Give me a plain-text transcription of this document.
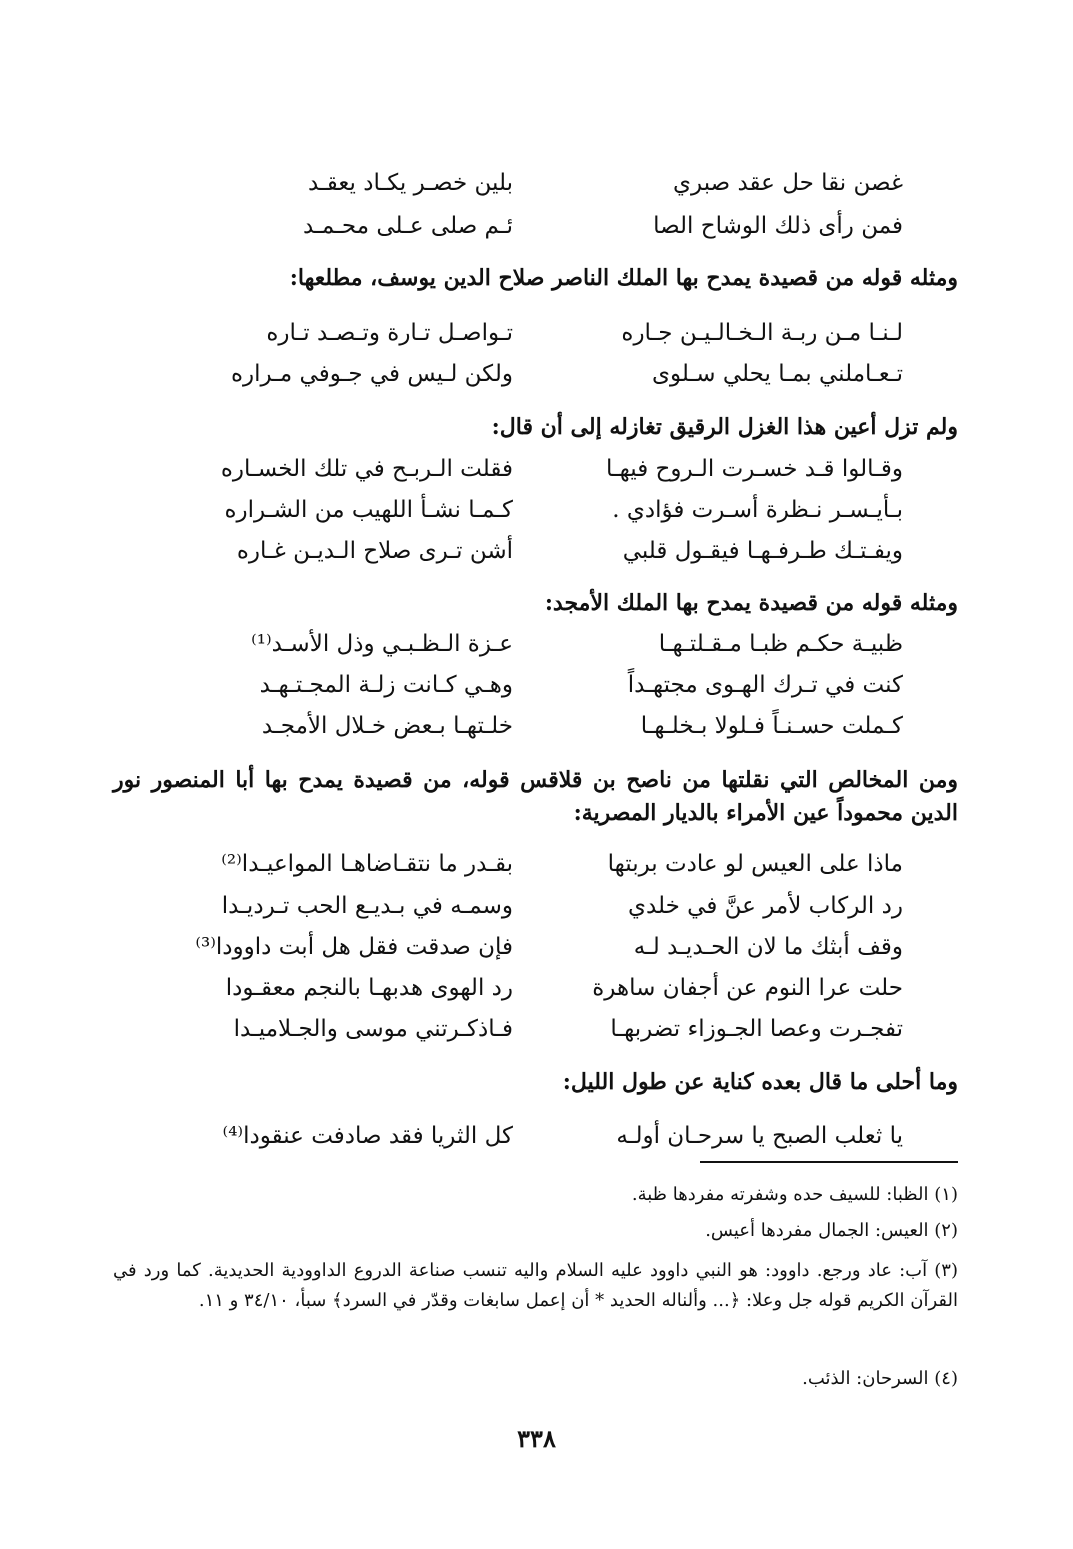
غصن نقا حل عقد صبري
بلين خصـر يكـاد يعقـد
فمن رأى ذلك الوشاح الصا
ئـم صلى عـلى محـمـد
ومثله قوله من قصيدة يمدح بها الملك الناصر صلاح الدين يوسف، مطلعها:
لـنـا مـن ربـة الـخـالـيـن جـاره
تـواصـل تـارة وتـصـد تـاره
تـعـاملني بمـا يحلي سـلوى
ولكن لـيس في جـوفي مـراره
ولم تزل أعين هذا الغزل الرقيق تغازله إلى أن قال:
وقـالوا قـد خسـرت الـروح فيهـا
فقلت الـربـح في تلك الخسـاره
بـأيـسـر نـظرة أسـرت فؤادي .
كـمـا نشـأ اللهيب من الشـراره
ويفـتـك طـرفـهـا فيقـول قلبي
أشن تـرى صلاح الـديـن غـاره
ومثله قوله من قصيدة يمدح بها الملك الأمجد:
ظبيـة حكـم ظبـا مـقـلتـهـا
عـزة الـظـبـي وذل الأسـد⁽¹⁾
كنت في تـرك الهـوى مجتهـداً
وهـي كـانت زلـة المجـتـهـد
كـملت حسـنـاً فـلولا بـخلـهـا
خلـتهـا بـعض خـلال الأمجـد
ومن المخالص التي نقلتها من ناصح بن قلاقس قوله، من قصيدة يمدح بها أبا المنصور نور الدين محموداً عين الأمراء بالديار المصرية:
ماذا على العيس لو عادت بربتها
بقـدر ما نتقـاضاهـا المواعيـدا⁽²⁾
رد الركاب لأمر عنَّ في خلدي
وسمـه في بـديـع الحب تـرديـدا
وقف أبثك ما لان الحـديـد لـه
فإن صدقت فقل هل أبت داوودا⁽³⁾
حلت عرا النوم عن أجفان ساهرة
رد الهوى هدبهـا بالنجم معقـودا
تفجـرت وعصا الجـوزاء تضربهـا
فـاذكـرتني موسى والجـلاميـدا
وما أحلى ما قال بعده كناية عن طول الليل:
يا ثعلب الصبح يا سرحـان أولـه
كل الثريا فقد صادفت عنقودا⁽⁴⁾
(١) الظبا: للسيف حده وشفرته مفردها ظبة.
(٢) العيس: الجمال مفردها أعيس.
(٣) آب: عاد ورجع. داوود: هو النبي داوود عليه السلام واليه تنسب صناعة الدروع الداوودية الحديدية. كما ورد في القرآن الكريم قوله جل وعلا: ﴿... وألناله الحديد * أن إعمل سابغات وقدّر في السرد﴾ سبأ، ٣٤/١٠ و ١١.
(٤) السرحان: الذئب.
٣٣٨
